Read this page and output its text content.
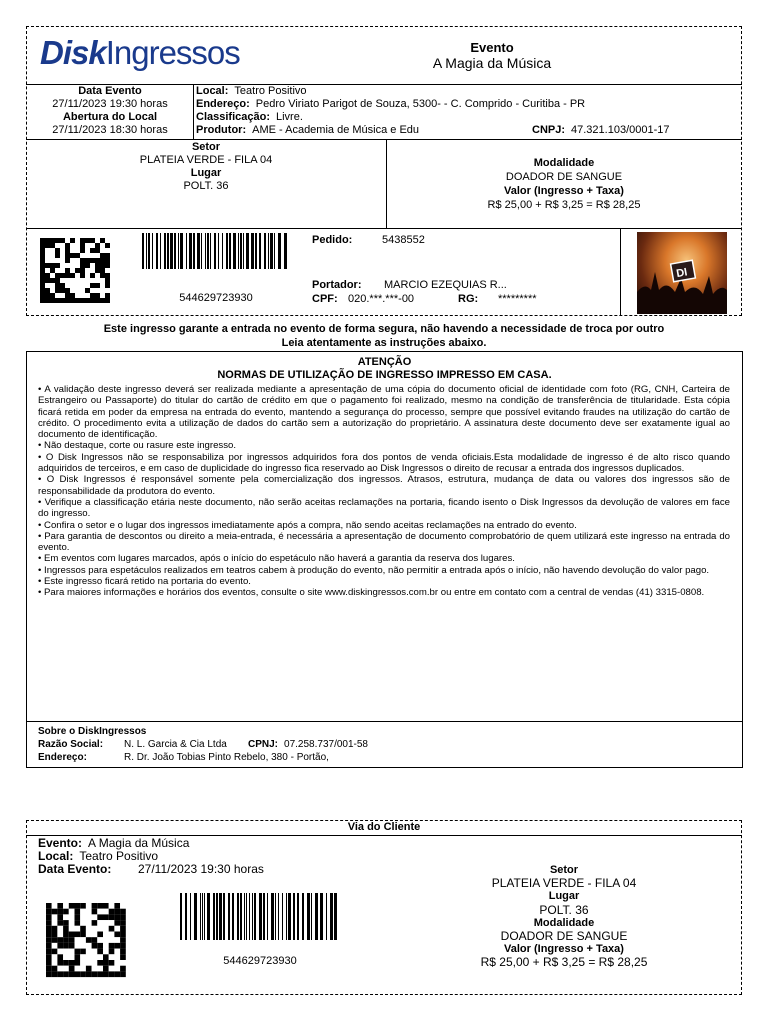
DiskIngressos	Evento
A Magia da Música
Data Evento
27/11/2023 19:30 horas
Abertura do Local
27/11/2023 18:30 horas
Local: Teatro Positivo
Endereço: Pedro Viriato Parigot de Souza, 5300- - C. Comprido - Curitiba - PR
Classificação: Livre.
Produtor: AME - Academia de Música e Edu	CNPJ: 47.321.103/0001-17
Setor
PLATEIA VERDE - FILA 04
Lugar
POLT. 36
Modalidade
DOADOR DE SANGUE
Valor (Ingresso + Taxa)
R$ 25,00 + R$ 3,25 = R$ 28,25
544629723930
Pedido:	5438552
Portador:	MARCIO EZEQUIAS R...
CPF: 020.***.***-00	RG:	*********
DI
Este ingresso garante a entrada no evento de forma segura, não havendo a necessidade de troca por outro
Leia atentamente as instruções abaixo.
ATENÇÃO
NORMAS DE UTILIZAÇÃO DE INGRESSO IMPRESSO EM CASA.

• A validação deste ingresso deverá ser realizada mediante a apresentação de uma cópia do documento oficial de identidade com foto (RG, CNH, Carteira de Estrangeiro ou Passaporte) do titular do cartão de crédito em que o pagamento foi realizado, mesmo na condição de transferência de titularidade. Esta cópia ficará retida em poder da empresa na entrada do evento, mantendo a segurança do processo, sempre que possível evitando fraudes na utilização do cartão de crédito. O procedimento evita a utilização de dados do cartão sem a autorização do proprietário. A assinatura deste documento deve ser exatamente igual ao documento de identificação.

• Não destaque, corte ou rasure este ingresso.

• O Disk Ingressos não se responsabiliza por ingressos adquiridos fora dos pontos de venda oficiais.Esta modalidade de ingresso é de alto risco quando adquiridos de terceiros, e em caso de duplicidade do ingresso fica reservado ao Disk Ingressos o direito de recusar a entrada dos ingressos duplicados.

• O Disk Ingressos é responsável somente pela comercialização dos ingressos. Atrasos, estrutura, mudança de data ou valores dos ingressos são de responsabilidade da produtora do evento.

• Verifique a classificação etária neste documento, não serão aceitas reclamações na portaria, ficando isento o Disk Ingressos da devolução de valores em face do ingresso.

• Confira o setor e o lugar dos ingressos imediatamente após a compra, não sendo aceitas reclamações na entrado do evento.

• Para garantia de descontos ou direito a meia-entrada, é necessária a apresentação de documento comprobatório de quem utilizará este ingresso na entrada do evento.

• Em eventos com lugares marcados, após o início do espetáculo não haverá a garantia da reserva dos lugares.

• Ingressos para espetáculos realizados em teatros cabem à produção do evento, não permitir a entrada após o início, não havendo devolução do valor pago.

• Este ingresso ficará retido na portaria do evento.

• Para maiores informações e horários dos eventos, consulte o site www.diskingressos.com.br ou entre em contato com a central de vendas (41) 3315-0808.

Sobre o DiskIngressos
Razão Social:	N. L. Garcia & Cia Ltda	CPNJ: 07.258.737/001-58
Endereço:	R. Dr. João Tobias Pinto Rebelo, 380 - Portão,
Via do Cliente
Evento: A Magia da Música
Local: Teatro Positivo
Data Evento:	27/11/2023 19:30 horas
544629723930
Setor
PLATEIA VERDE - FILA 04
Lugar
POLT. 36
Modalidade
DOADOR DE SANGUE
Valor (Ingresso + Taxa)
R$ 25,00 + R$ 3,25 = R$ 28,25
